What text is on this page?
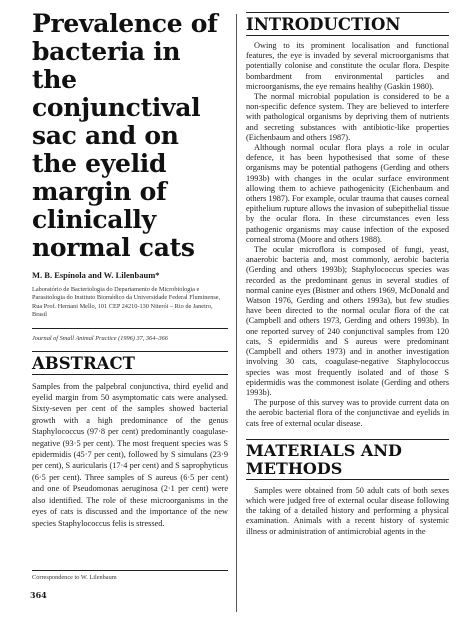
Prevalence of bacteria in the conjunctival sac and on the eyelid margin of clinically normal cats
M. B. Espínola and W. Lilenbaum*
Laboratório de Bacteriologia do Departamento de Microbiologia e Parasitologia do Instituto Biomédico da Universidade Federal Fluminense, Rua Prof. Hernani Mello, 101 CEP 24210-130 Niterói – Rio de Janeiro, Brasil
Journal of Small Animal Practice (1996) 37, 364–366
ABSTRACT

Samples from the palpebral conjunctiva, third eyelid and eyelid margin from 50 asymptomatic cats were analysed. Sixty-seven per cent of the samples showed bacterial growth with a high predominance of the genus Staphylococcus (97·8 per cent) predominantly coagulase-negative (93·5 per cent). The most frequent species was S epidermidis (45·7 per cent), followed by S simulans (23·9 per cent), S auricularis (17·4 per cent) and S saprophyticus (6·5 per cent). Three samples of S aureus (6·5 per cent) and one of Pseudomonas aeruginosa (2·1 per cent) were also identified. The role of these microorganisms in the eyes of cats is discussed and the importance of the new species Staphylococcus felis is stressed.

Correspondence to W. Lilenbaum
364
INTRODUCTION

Owing to its prominent localisation and functional features, the eye is invaded by several microorganisms that potentially colonise and constitute the ocular flora. Despite bombardment from environmental particles and microorganisms, the eye remains healthy (Gaskin 1980).

The normal microbial population is considered to be a non-specific defence system. They are believed to interfere with pathological organisms by depriving them of nutrients and secreting substances with antibiotic-like properties (Eichenbaum and others 1987).

Although normal ocular flora plays a role in ocular defence, it has been hypothesised that some of these organisms may be potential pathogens (Gerding and others 1993b) with changes in the ocular surface environment allowing them to achieve pathogenicity (Eichenbaum and others 1987). For example, ocular trauma that causes corneal epithelium rupture allows the invasion of subepithelial tissue by the ocular flora. In these circumstances even less pathogenic organisms may cause infection of the exposed corneal stroma (Moore and others 1988).

The ocular microflora is composed of fungi, yeast, anaerobic bacteria and, most commonly, aerobic bacteria (Gerding and others 1993b); Staphylococcus species was recorded as the predominant genus in several studies of normal canine eyes (Bistner and others 1969, McDonald and Watson 1976, Gerding and others 1993a), but few studies have been directed to the normal ocular flora of the cat (Campbell and others 1973, Gerding and others 1993b). In one reported survey of 240 conjunctival samples from 120 cats, S epidermidis and S aureus were predominant (Campbell and others 1973) and in another investigation involving 30 cats, coagulase-negative Staphylococcus species was most frequently isolated and of those S epidermidis was the commonest isolate (Gerding and others 1993b).

The purpose of this survey was to provide current data on the aerobic bacterial flora of the conjunctivae and eyelids in cats free of external ocular disease.

MATERIALS AND METHODS

Samples were obtained from 50 adult cats of both sexes which were judged free of external ocular disease following the taking of a detailed history and performing a physical examination. Animals with a recent history of systemic illness or administration of antimicrobial agents in the
